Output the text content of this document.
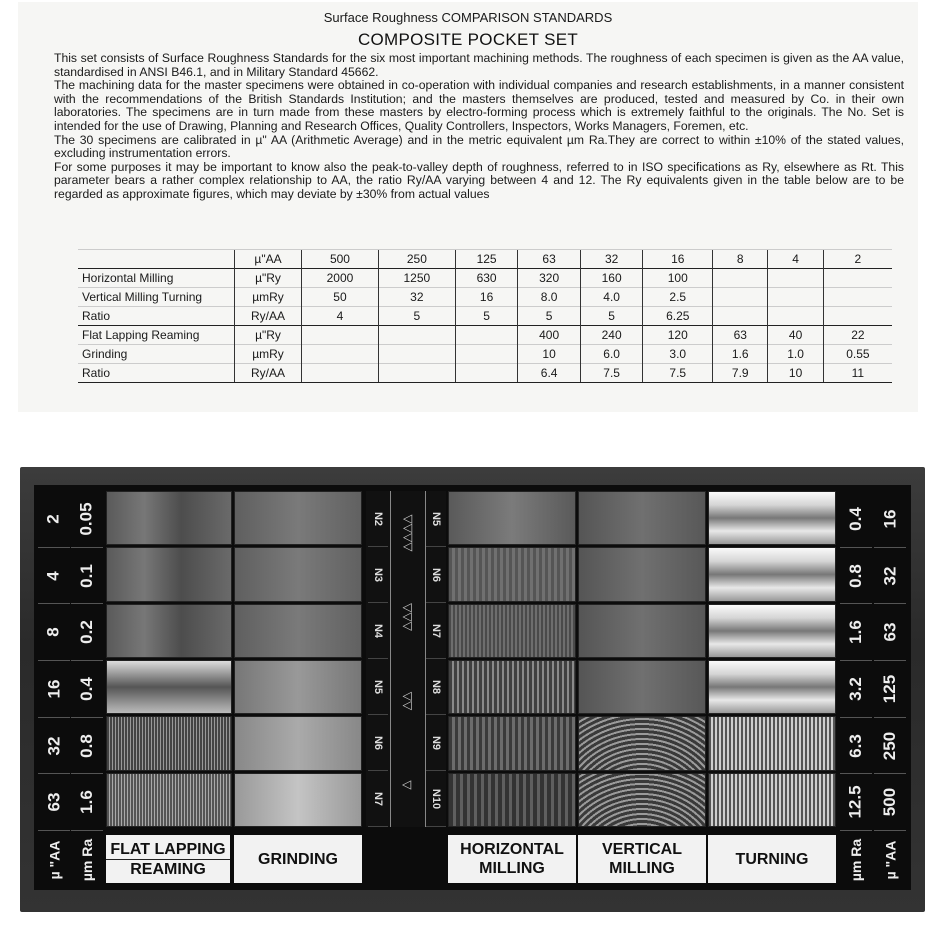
Surface Roughness COMPARISON STANDARDS
COMPOSITE POCKET SET

This set consists of Surface Roughness Standards for the six most important machining methods. The roughness of each specimen is given as the AA value, standardised in ANSI B46.1, and in Military Standard 45662.

The machining data for the master specimens were obtained in co-operation with individual companies and research establishments, in a manner consistent with the recommendations of the British Standards Institution; and the masters themselves are produced, tested and measured by Co. in their own laboratories. The specimens are in turn made from these masters by electro-forming process which is extremely faithful to the originals. The No. Set is intended for the use of Drawing, Planning and Research Offices, Quality Controllers, Inspectors, Works Managers, Foremen, etc.

The 30 specimens are calibrated in µ" AA (Arithmetic Average) and in the metric equivalent µm Ra.They are correct to within ±10% of the stated values, excluding instrumentation errors.

For some purposes it may be important to know also the peak-to-valley depth of roughness, referred to in ISO specifications as Ry, elsewhere as Rt. This parameter bears a rather complex relationship to AA, the ratio Ry/AA varying between 4 and 12. The Ry equivalents given in the table below are to be regarded as approximate figures, which may deviate by ±30% from actual values

	µ"AA	500	250	125	63	32	16	8	4	2
Horizontal Milling	µ"Ry	2000	1250	630	320	160	100			
Vertical Milling Turning	µmRy	50	32	16	8.0	4.0	2.5			
Ratio	Ry/AA	4	5	5	5	5	6.25			
Flat Lapping Reaming	µ"Ry				400	240	120	63	40	22
Grinding	µmRy				10	6.0	3.0	1.6	1.0	0.55
Ratio	Ry/AA				6.4	7.5	7.5	7.9	10	11
2
4
8
16
32
63
µ "AA
0.05
0.1
0.2
0.4
0.8
1.6
µm Ra
N2
N3
N4
N5
N6
N7
▽▽▽▽
▽▽▽
▽▽
▽
N5
N6
N7
N8
N9
N10
0.4
0.8
1.6
3.2
6.3
12.5
µm Ra
16
32
63
125
250
500
µ "AA
FLAT LAPPING
REAMING
GRINDING
HORIZONTAL MILLING
VERTICAL MILLING
TURNING
